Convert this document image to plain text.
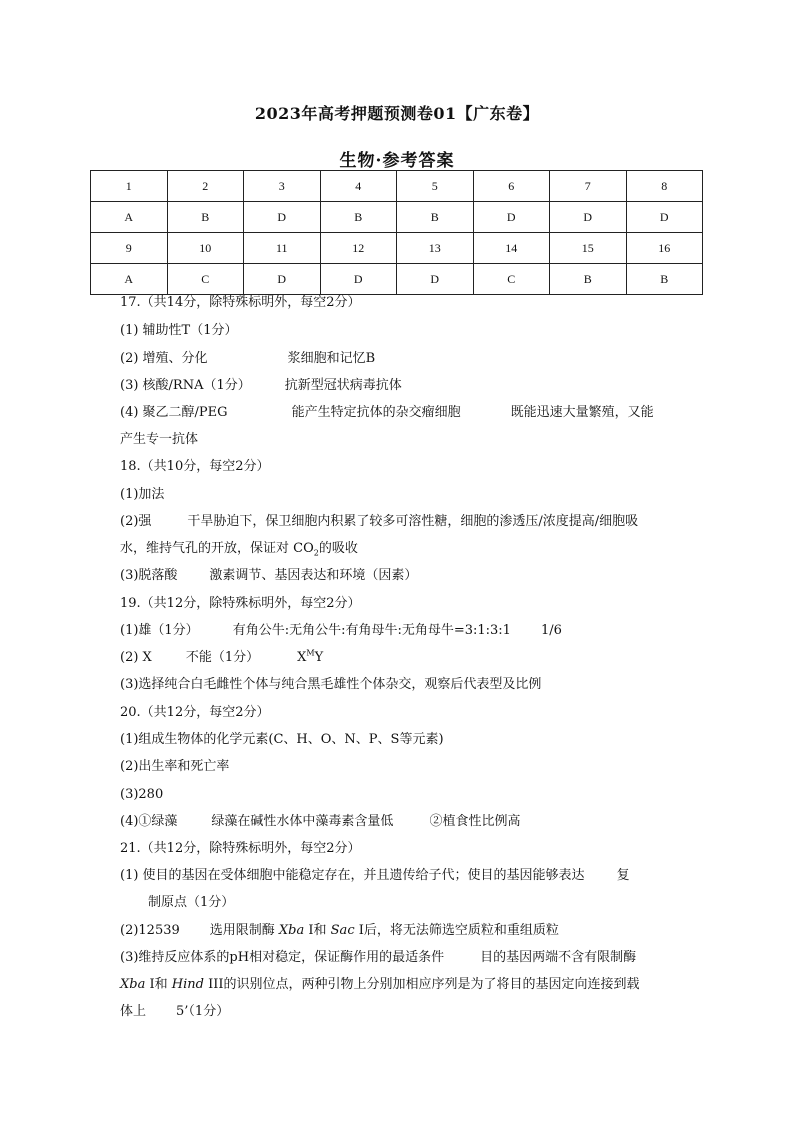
2023年高考押题预测卷01【广东卷】
生物·参考答案
1	2	3	4	5	6	7	8
A	B	D	B	B	D	D	D
9	10	11	12	13	14	15	16
A	C	D	D	D	C	B	B
17.（共14分，除特殊标明外，每空2分）
(1) 辅助性T（1分）
(2) 增殖、分化	浆细胞和记忆B
(3) 核酸/RNA（1分）	抗新型冠状病毒抗体
(4) 聚乙二醇/PEG	能产生特定抗体的杂交瘤细胞	既能迅速大量繁殖，又能
产生专一抗体
18.（共10分，每空2分）
(1)加法
(2)强	干旱胁迫下，保卫细胞内积累了较多可溶性糖，细胞的渗透压/浓度提高/细胞吸
水，维持气孔的开放，保证对 $CO_2$的吸收
(3)脱落酸 激素调节、基因表达和环境（因素）
19.（共12分，除特殊标明外，每空2分）
(1)雄（1分）	有角公牛:无角公牛:有角母牛:无角母牛=3:1:3:1 1/6
(2) X	不能（1分）	$X^MY$
(3)选择纯合白毛雌性个体与纯合黑毛雄性个体杂交，观察后代表型及比例
20.（共12分，每空2分）
(1)组成生物体的化学元素(C、H、O、N、P、S等元素)
(2)出生率和死亡率
(3)280
(4)①绿藻	绿藻在碱性水体中藻毒素含量低	②植食性比例高
21.（共12分，除特殊标明外，每空2分）
(1) 使目的基因在受体细胞中能稳定存在，并且遗传给子代；使目的基因能够表达 复
制原点（1分）
(2)12539 选用限制酶 Xba I和 Sac I后，将无法筛选空质粒和重组质粒
(3)维持反应体系的pH相对稳定，保证酶作用的最适条件	目的基因两端不含有限制酶
Xba I和 Hind III的识别位点，两种引物上分别加相应序列是为了将目的基因定向连接到载
体上 5’（1分）
